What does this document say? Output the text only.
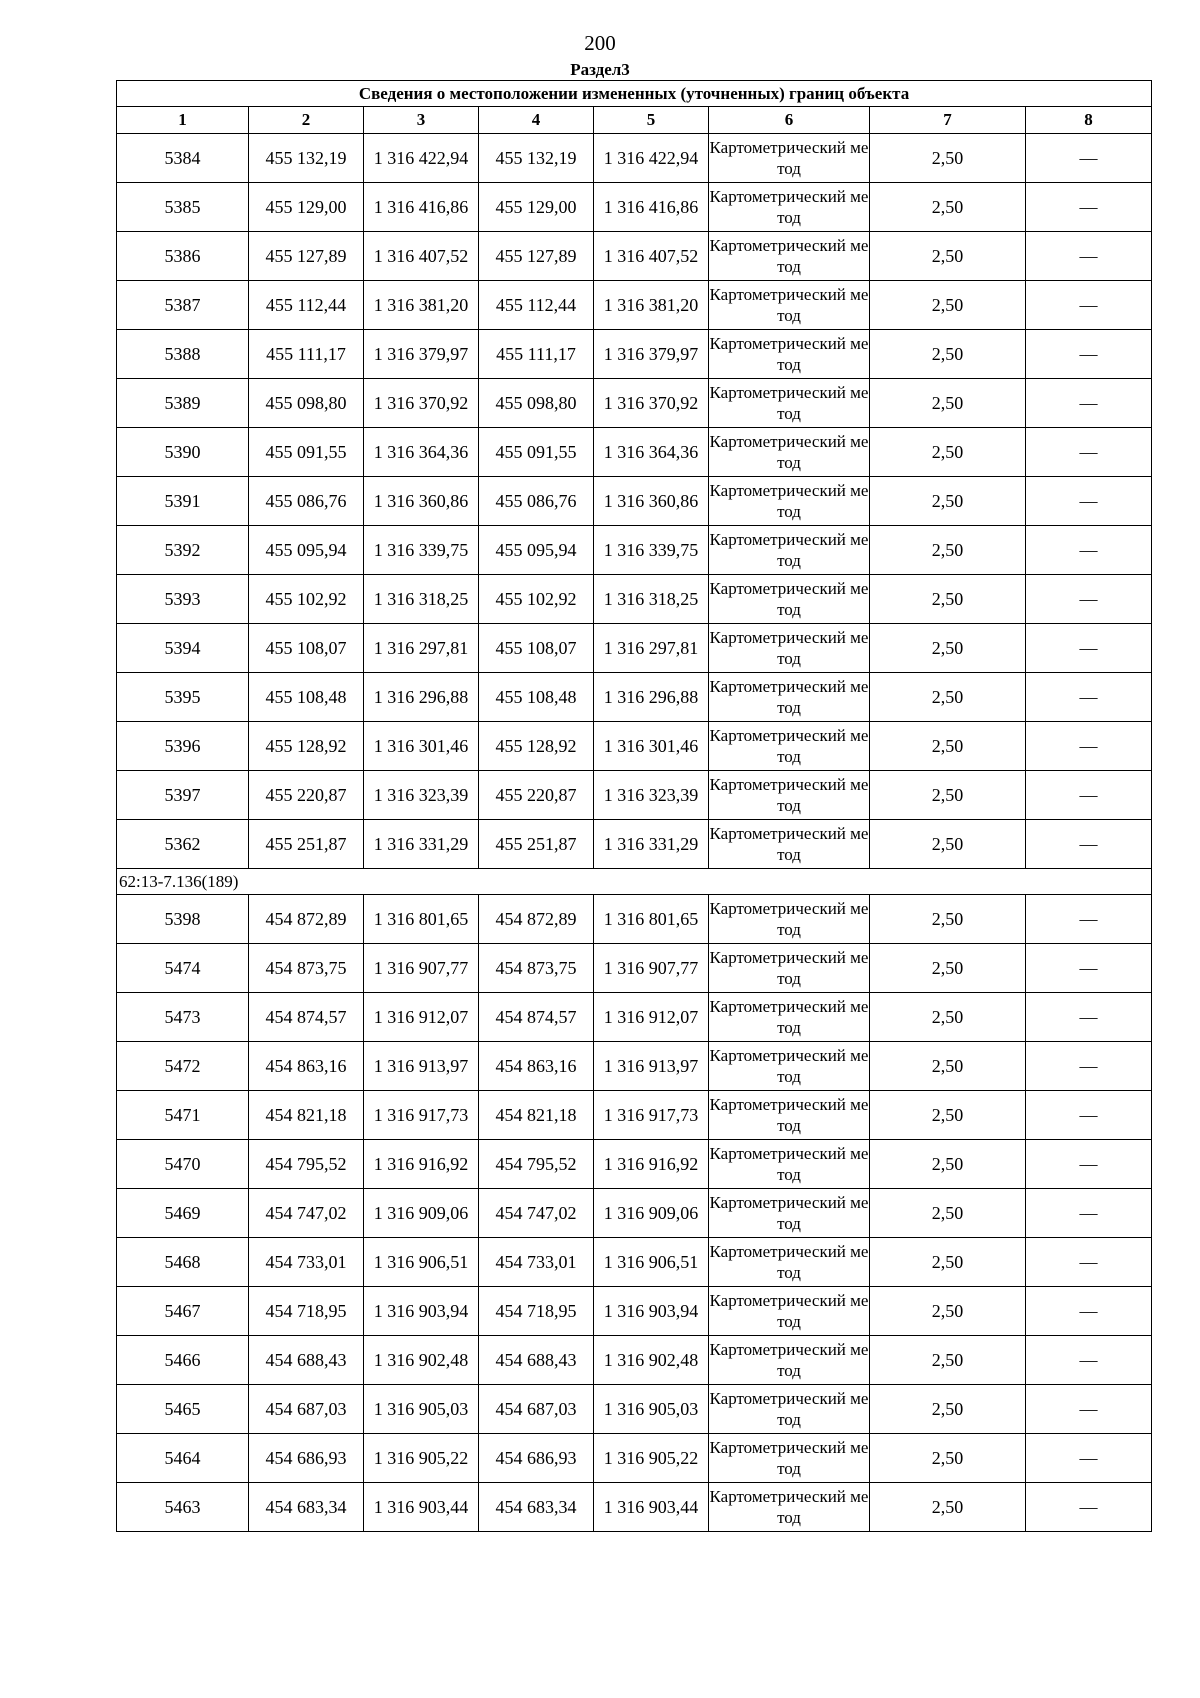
200
Раздел3
Сведения о местоположении измененных (уточненных) границ объекта							
1	2	3	4	5	6	7	8
5384	455 132,19	1 316 422,94	455 132,19	1 316 422,94	Картометрический метод	2,50	—
5385	455 129,00	1 316 416,86	455 129,00	1 316 416,86	Картометрический метод	2,50	—
5386	455 127,89	1 316 407,52	455 127,89	1 316 407,52	Картометрический метод	2,50	—
5387	455 112,44	1 316 381,20	455 112,44	1 316 381,20	Картометрический метод	2,50	—
5388	455 111,17	1 316 379,97	455 111,17	1 316 379,97	Картометрический метод	2,50	—
5389	455 098,80	1 316 370,92	455 098,80	1 316 370,92	Картометрический метод	2,50	—
5390	455 091,55	1 316 364,36	455 091,55	1 316 364,36	Картометрический метод	2,50	—
5391	455 086,76	1 316 360,86	455 086,76	1 316 360,86	Картометрический метод	2,50	—
5392	455 095,94	1 316 339,75	455 095,94	1 316 339,75	Картометрический метод	2,50	—
5393	455 102,92	1 316 318,25	455 102,92	1 316 318,25	Картометрический метод	2,50	—
5394	455 108,07	1 316 297,81	455 108,07	1 316 297,81	Картометрический метод	2,50	—
5395	455 108,48	1 316 296,88	455 108,48	1 316 296,88	Картометрический метод	2,50	—
5396	455 128,92	1 316 301,46	455 128,92	1 316 301,46	Картометрический метод	2,50	—
5397	455 220,87	1 316 323,39	455 220,87	1 316 323,39	Картометрический метод	2,50	—
5362	455 251,87	1 316 331,29	455 251,87	1 316 331,29	Картометрический метод	2,50	—
62:13-7.136(189)							
5398	454 872,89	1 316 801,65	454 872,89	1 316 801,65	Картометрический метод	2,50	—
5474	454 873,75	1 316 907,77	454 873,75	1 316 907,77	Картометрический метод	2,50	—
5473	454 874,57	1 316 912,07	454 874,57	1 316 912,07	Картометрический метод	2,50	—
5472	454 863,16	1 316 913,97	454 863,16	1 316 913,97	Картометрический метод	2,50	—
5471	454 821,18	1 316 917,73	454 821,18	1 316 917,73	Картометрический метод	2,50	—
5470	454 795,52	1 316 916,92	454 795,52	1 316 916,92	Картометрический метод	2,50	—
5469	454 747,02	1 316 909,06	454 747,02	1 316 909,06	Картометрический метод	2,50	—
5468	454 733,01	1 316 906,51	454 733,01	1 316 906,51	Картометрический метод	2,50	—
5467	454 718,95	1 316 903,94	454 718,95	1 316 903,94	Картометрический метод	2,50	—
5466	454 688,43	1 316 902,48	454 688,43	1 316 902,48	Картометрический метод	2,50	—
5465	454 687,03	1 316 905,03	454 687,03	1 316 905,03	Картометрический метод	2,50	—
5464	454 686,93	1 316 905,22	454 686,93	1 316 905,22	Картометрический метод	2,50	—
5463	454 683,34	1 316 903,44	454 683,34	1 316 903,44	Картометрический метод	2,50	—
